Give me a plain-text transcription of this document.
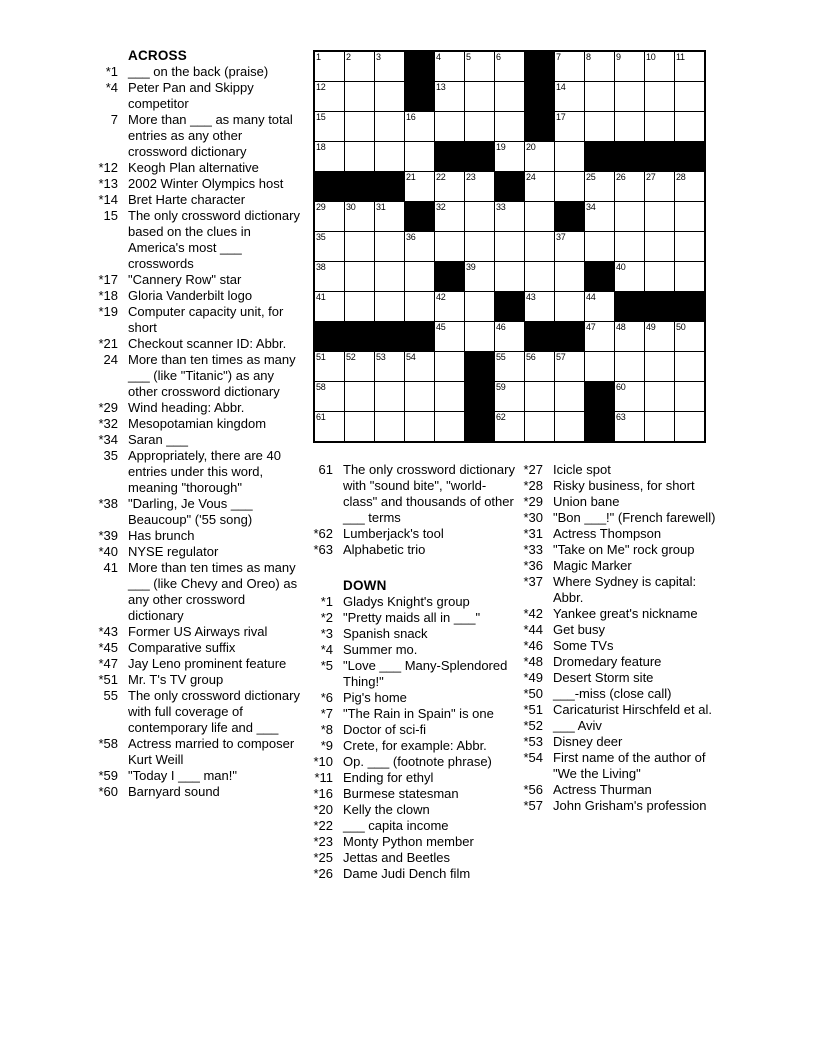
ACROSS
*1 ___ on the back (praise)
*4 Peter Pan and Skippy competitor
7 More than ___ as many total entries as any other crossword dictionary
*12 Keogh Plan alternative
*13 2002 Winter Olympics host
*14 Bret Harte character
15 The only crossword dictionary based on the clues in America's most ___ crosswords
*17 "Cannery Row" star
*18 Gloria Vanderbilt logo
*19 Computer capacity unit, for short
*21 Checkout scanner ID: Abbr.
24 More than ten times as many ___ (like "Titanic") as any other crossword dictionary
*29 Wind heading: Abbr.
*32 Mesopotamian kingdom
*34 Saran ___
35 Appropriately, there are 40 entries under this word, meaning "thorough"
*38 "Darling, Je Vous ___ Beaucoup" ('55 song)
*39 Has brunch
*40 NYSE regulator
41 More than ten times as many ___ (like Chevy and Oreo) as any other crossword dictionary
*43 Former US Airways rival
*45 Comparative suffix
*47 Jay Leno prominent feature
*51 Mr. T's TV group
55 The only crossword dictionary with full coverage of contemporary life and ___
*58 Actress married to composer Kurt Weill
*59 "Today I ___ man!"
*60 Barnyard sound
1	2	3	4	5	6	7	8	9	10 11
12	13	14
15	16	17
18	19 20
21 22 23	24	25 26 27 28
29 30 31	32	33	34
35	36	37
38	39	40
41	42	43	44
45	46	47 48 49 50
51 52 53 54	55 56 57
58	59	60
61	62	63
61 The only crossword dictionary with "sound bite", "world-class" and thousands of other ___ terms
*62 Lumberjack's tool
*63 Alphabetic trio
DOWN
*1 Gladys Knight's group
*2 "Pretty maids all in ___"
*3 Spanish snack
*4 Summer mo.
*5 "Love ___ Many-Splendored Thing!"
*6 Pig's home
*7 "The Rain in Spain" is one
*8 Doctor of sci-fi
*9 Crete, for example: Abbr.
*10 Op. ___ (footnote phrase)
*11 Ending for ethyl
*16 Burmese statesman
*20 Kelly the clown
*22 ___ capita income
*23 Monty Python member
*25 Jettas and Beetles
*26 Dame Judi Dench film
*27 Icicle spot
*28 Risky business, for short
*29 Union bane
*30 "Bon ___!" (French farewell)
*31 Actress Thompson
*33 "Take on Me" rock group
*36 Magic Marker
*37 Where Sydney is capital: Abbr.
*42 Yankee great's nickname
*44 Get busy
*46 Some TVs
*48 Dromedary feature
*49 Desert Storm site
*50 ___-miss (close call)
*51 Caricaturist Hirschfeld et al.
*52 ___ Aviv
*53 Disney deer
*54 First name of the author of "We the Living"
*56 Actress Thurman
*57 John Grisham's profession
